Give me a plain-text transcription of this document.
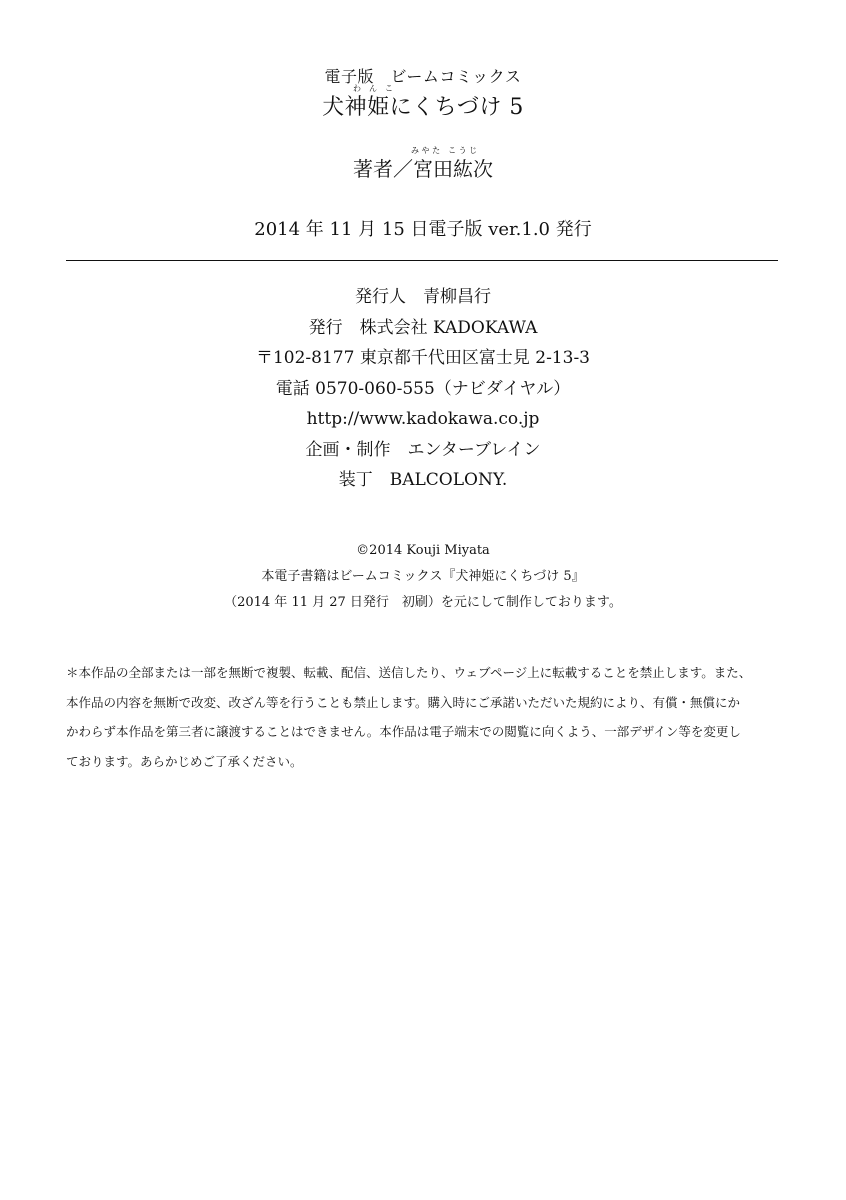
電子版　ビームコミックス
わ　ん　こ
犬神姫にくちづけ 5
み や た　こ う じ
著者／宮田紘次
2014 年 11 月 15 日電子版 ver.1.0 発行
発行人　青柳昌行
発行　株式会社 KADOKAWA
〒102-8177 東京都千代田区富士見 2-13-3
電話 0570-060-555（ナビダイヤル）
http://www.kadokawa.co.jp
企画・制作　エンターブレイン
装丁　BALCOLONY.
©2014 Kouji Miyata
本電子書籍はビームコミックス『犬神姫にくちづけ 5』
（2014 年 11 月 27 日発行　初刷）を元にして制作しております。
＊本作品の全部または一部を無断で複製、転載、配信、送信したり、ウェブページ上に転載することを禁止します。また、
本作品の内容を無断で改変、改ざん等を行うことも禁止します。購入時にご承諾いただいた規約により、有償・無償にか
かわらず本作品を第三者に譲渡することはできません。本作品は電子端末での閲覧に向くよう、一部デザイン等を変更し
ております。あらかじめご了承ください。
